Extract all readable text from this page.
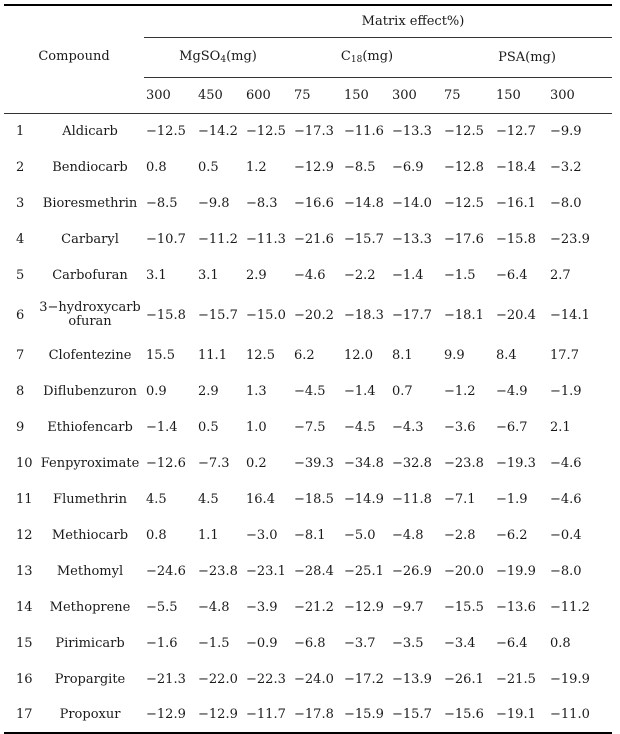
Compound		Matrix effect%)								
		MgSO$_4$(mg)			$C_{18}(mg)$			PSA(mg)		
		300	450	600	75	150	300	75	150	300
1	Aldicarb	−12.5	−14.2	−12.5	−17.3	−11.6	−13.3	−12.5	−12.7	−9.9
2	Bendiocarb	0.8	0.5	1.2	−12.9	−8.5	−6.9	−12.8	−18.4	−3.2
3	Bioresmethrin	−8.5	−9.8	−8.3	−16.6	−14.8	−14.0	−12.5	−16.1	−8.0
4	Carbaryl	−10.7	−11.2	−11.3	−21.6	−15.7	−13.3	−17.6	−15.8	−23.9
5	Carbofuran	3.1	3.1	2.9	−4.6	−2.2	−1.4	−1.5	−6.4	2.7
6	3−hydroxycarb ofuran	−15.8	−15.7	−15.0	−20.2	−18.3	−17.7	−18.1	−20.4	−14.1
7	Clofentezine	15.5	11.1	12.5	6.2	12.0	8.1	9.9	8.4	17.7
8	Diflubenzuron	0.9	2.9	1.3	−4.5	−1.4	0.7	−1.2	−4.9	−1.9
9	Ethiofencarb	−1.4	0.5	1.0	−7.5	−4.5	−4.3	−3.6	−6.7	2.1
10	Fenpyroximate	−12.6	−7.3	0.2	−39.3	−34.8	−32.8	−23.8	−19.3	−4.6
11	Flumethrin	4.5	4.5	16.4	−18.5	−14.9	−11.8	−7.1	−1.9	−4.6
12	Methiocarb	0.8	1.1	−3.0	−8.1	−5.0	−4.8	−2.8	−6.2	−0.4
13	Methomyl	−24.6	−23.8	−23.1	−28.4	−25.1	−26.9	−20.0	−19.9	−8.0
14	Methoprene	−5.5	−4.8	−3.9	−21.2	−12.9	−9.7	−15.5	−13.6	−11.2
15	Pirimicarb	−1.6	−1.5	−0.9	−6.8	−3.7	−3.5	−3.4	−6.4	0.8
16	Propargite	−21.3	−22.0	−22.3	−24.0	−17.2	−13.9	−26.1	−21.5	−19.9
17	Propoxur	−12.9	−12.9	−11.7	−17.8	−15.9	−15.7	−15.6	−19.1	−11.0
